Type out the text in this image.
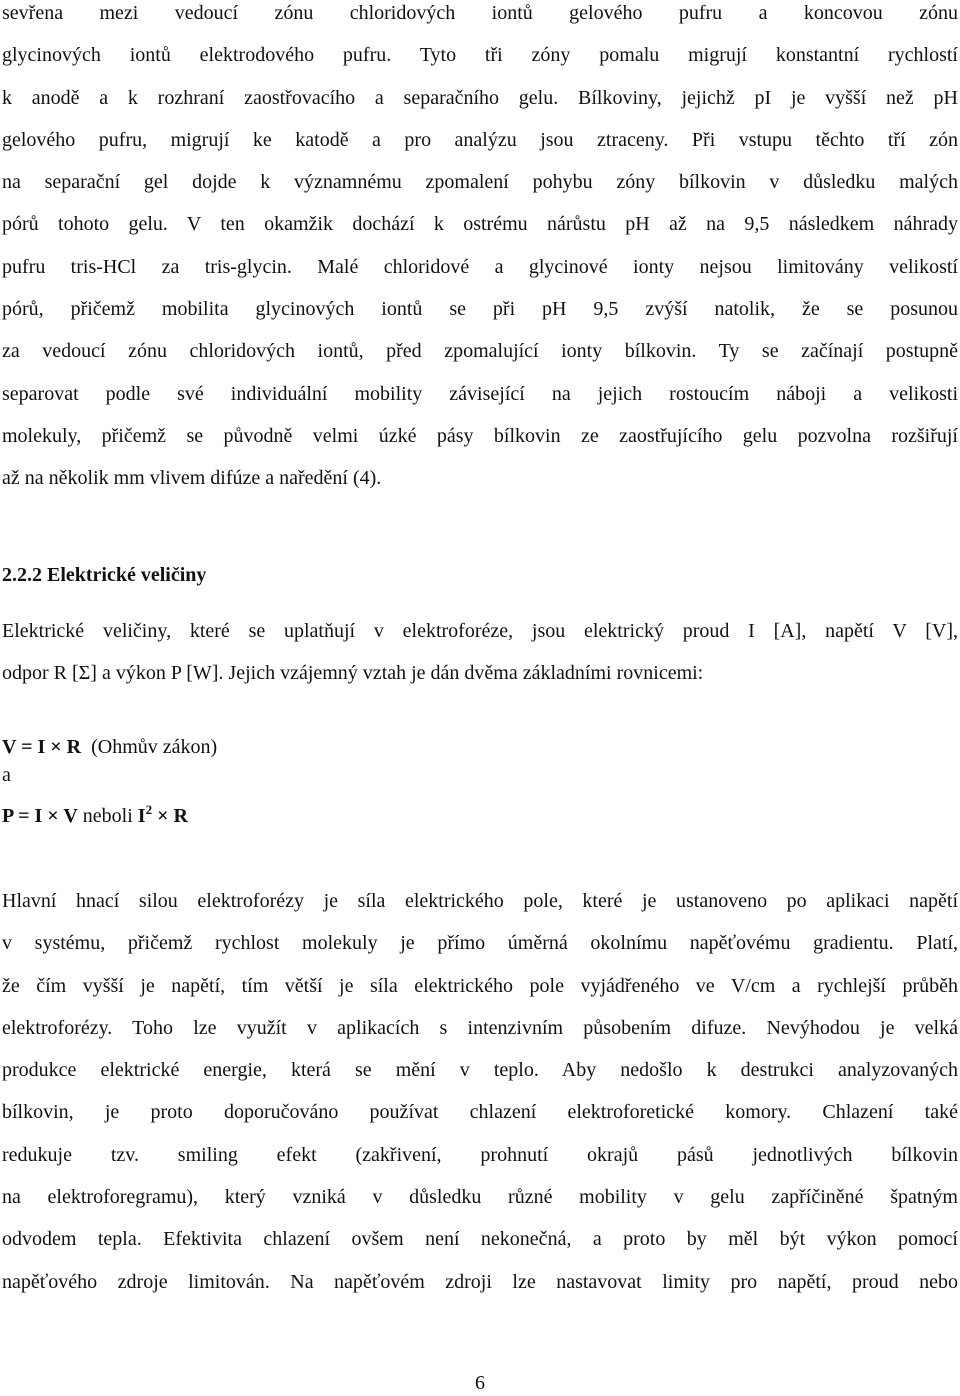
sevřena mezi vedoucí zónu chloridových iontů gelového pufru a koncovou zónu
glycinových iontů elektrodového pufru. Tyto tři zóny pomalu migrují konstantní rychlostí
k anodě a k rozhraní zaostřovacího a separačního gelu. Bílkoviny, jejichž pI je vyšší než pH
gelového pufru, migrují ke katodě a pro analýzu jsou ztraceny. Při vstupu těchto tří zón
na separační gel dojde k významnému zpomalení pohybu zóny bílkovin v důsledku malých
pórů tohoto gelu. V ten okamžik dochází k ostrému nárůstu pH až na 9,5 následkem náhrady
pufru tris-HCl za tris-glycin. Malé chloridové a glycinové ionty nejsou limitovány velikostí
pórů, přičemž mobilita glycinových iontů se při pH 9,5 zvýší natolik, že se posunou
za vedoucí zónu chloridových iontů, před zpomalující ionty bílkovin. Ty se začínají postupně
separovat podle své individuální mobility závisející na jejich rostoucím náboji a velikosti
molekuly, přičemž se původně velmi úzké pásy bílkovin ze zaostřujícího gelu pozvolna rozšiřují
až na několik mm vlivem difúze a naředění (4).
2.2.2 Elektrické veličiny
Elektrické veličiny, které se uplatňují v elektroforéze, jsou elektrický proud I [A], napětí V [V],
odpor R [Σ] a výkon P [W]. Jejich vzájemný vztah je dán dvěma základními rovnicemi:
V = I × R (Ohmův zákon)
a
P = I × V neboli $I^2 \times R$
Hlavní hnací silou elektroforézy je síla elektrického pole, které je ustanoveno po aplikaci napětí
v systému, přičemž rychlost molekuly je přímo úměrná okolnímu napěťovému gradientu. Platí,
že čím vyšší je napětí, tím větší je síla elektrického pole vyjádřeného ve V/cm a rychlejší průběh
elektroforézy. Toho lze využít v aplikacích s intenzivním působením difuze. Nevýhodou je velká
produkce elektrické energie, která se mění v teplo. Aby nedošlo k destrukci analyzovaných
bílkovin, je proto doporučováno používat chlazení elektroforetické komory. Chlazení také
redukuje tzv. smiling efekt (zakřivení, prohnutí okrajů pásů jednotlivých bílkovin
na elektroforegramu), který vzniká v důsledku různé mobility v gelu zapříčiněné špatným
odvodem tepla. Efektivita chlazení ovšem není nekonečná, a proto by měl být výkon pomocí
napěťového zdroje limitován. Na napěťovém zdroji lze nastavovat limity pro napětí, proud nebo
6
